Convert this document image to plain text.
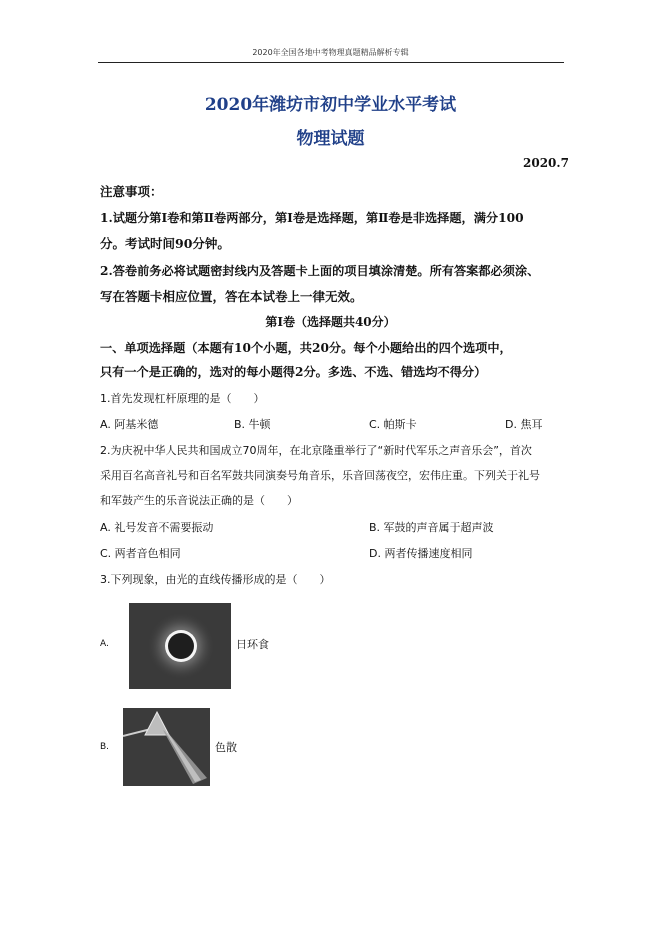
2020年全国各地中考物理真题精品解析专辑
2020年潍坊市初中学业水平考试
物理试题
2020.7
注意事项：
1.试题分第Ⅰ卷和第Ⅱ卷两部分，第Ⅰ卷是选择题，第Ⅱ卷是非选择题，满分100
分。考试时间90分钟。
2.答卷前务必将试题密封线内及答题卡上面的项目填涂清楚。所有答案都必须涂、
写在答题卡相应位置，答在本试卷上一律无效。
第Ⅰ卷（选择题共40分）
一、单项选择题（本题有10个小题，共20分。每个小题给出的四个选项中，
只有一个是正确的，选对的每小题得2分。多选、不选、错选均不得分）
1.首先发现杠杆原理的是（　　）
A. 阿基米德	B. 牛顿	C. 帕斯卡	D. 焦耳
2.为庆祝中华人民共和国成立70周年，在北京隆重举行了“新时代军乐之声音乐会”，首次
采用百名高音礼号和百名军鼓共同演奏号角音乐，乐音回荡夜空，宏伟庄重。下列关于礼号
和军鼓产生的乐音说法正确的是（　　）
A. 礼号发音不需要振动	B. 军鼓的声音属于超声波
C. 两者音色相同	D. 两者传播速度相同
3.下列现象，由光的直线传播形成的是（　　）
A.	日环食
B.	色散
